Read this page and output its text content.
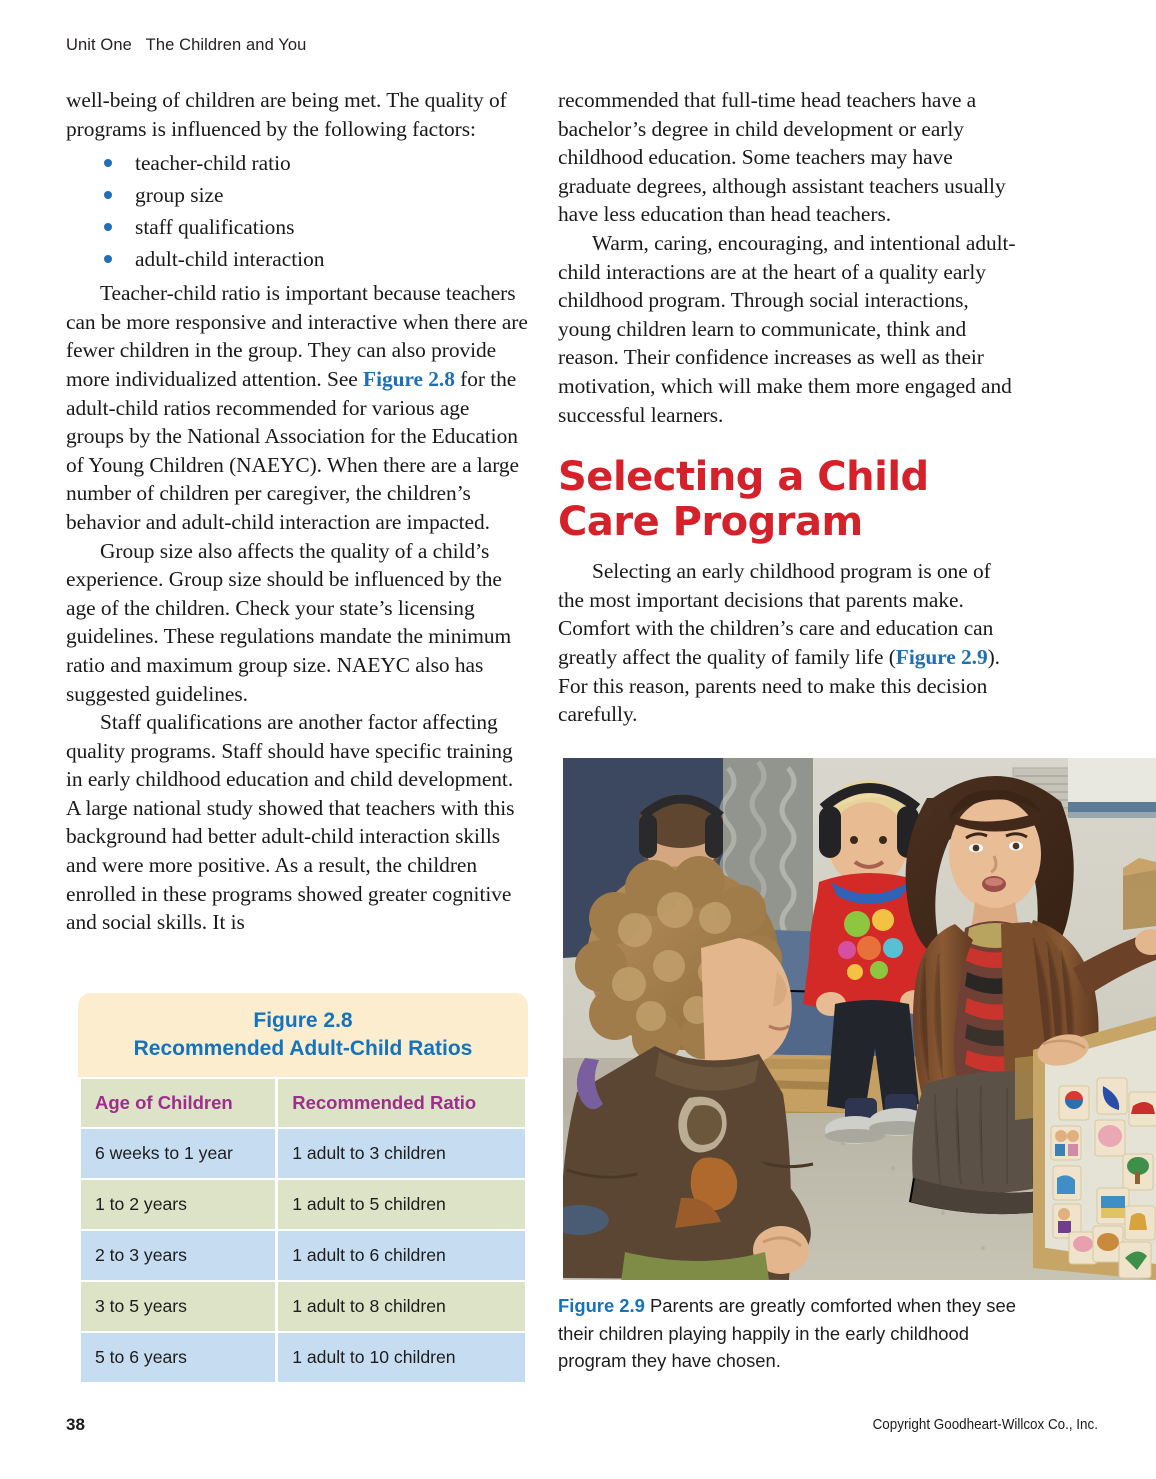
Unit One   The Children and You

well-being of children are being met. The quality of programs is influenced by the following factors:

teacher-child ratio
group size
staff qualifications
adult-child interaction

Teacher-child ratio is important because teachers can be more responsive and interactive when there are fewer children in the group. They can also provide more individualized attention. See Figure 2.8 for the adult-child ratios recommended for various age groups by the National Association for the Education of Young Children (NAEYC). When there are a large number of children per caregiver, the children’s behavior and adult-child interaction are impacted.

Group size also affects the quality of a child’s experience. Group size should be influenced by the age of the children. Check your state’s licensing guidelines. These regulations mandate the minimum ratio and maximum group size. NAEYC also has suggested guidelines.

Staff qualifications are another factor affecting quality programs. Staff should have specific training in early childhood education and child development. A large national study showed that teachers with this background had better adult-child interaction skills and were more positive. As a result, the children enrolled in these programs showed greater cognitive and social skills. It is

recommended that full-time head teachers have a bachelor’s degree in child development or early childhood education. Some teachers may have graduate degrees, although assistant teachers usually have less education than head teachers.

Warm, caring, encouraging, and intentional adult-child interactions are at the heart of a quality early childhood program. Through social interactions, young children learn to communicate, think and reason. Their confidence increases as well as their motivation, which will make them more engaged and successful learners.

Selecting a Child Care Program

Selecting an early childhood program is one of the most important decisions that parents make. Comfort with the children’s care and education can greatly affect the quality of family life (Figure 2.9). For this reason, parents need to make this decision carefully.

Figure 2.8
Recommended Adult-Child Ratios
Age of Children	Recommended Ratio
6 weeks to 1 year	1 adult to 3 children
1 to 2 years	1 adult to 5 children
2 to 3 years	1 adult to 6 children
3 to 5 years	1 adult to 8 children
5 to 6 years	1 adult to 10 children
Figure 2.9 Parents are greatly comforted when they see their children playing happily in the early childhood program they have chosen.
38	Copyright Goodheart-Willcox Co., Inc.
